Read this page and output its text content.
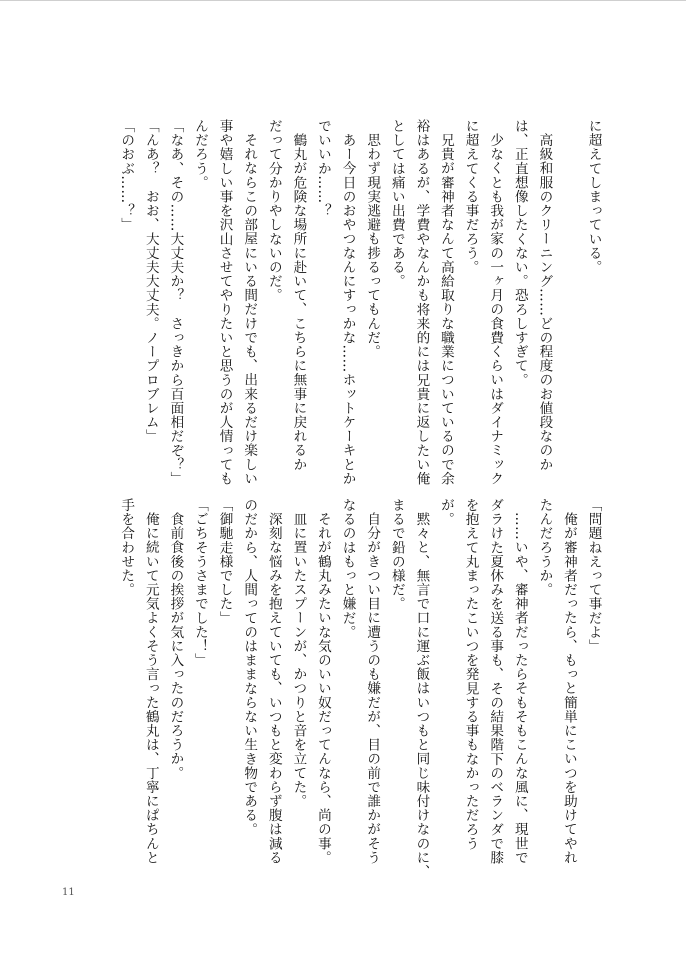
に超えてしまっている。
高級和服のクリーニング……どの程度のお値段なのか
は、正直想像したくない。恐ろしすぎて。
少なくとも我が家の一ヶ月の食費くらいはダイナミック
に超えてくる事だろう。
兄貴が審神者なんて高給取りな職業についているので余
裕はあるが、学費やなんかも将来的には兄貴に返したい俺
としては痛い出費である。
思わず現実逃避も捗るってもんだ。
あー今日のおやつなんにすっかな……ホットケーキとか
でいいか……？
鶴丸が危険な場所に赴いて、こちらに無事に戻れるか
だって分かりやしないのだ。
それならこの部屋にいる間だけでも、出来るだけ楽しい
事や嬉しい事を沢山させてやりたいと思うのが人情っても
んだろう。
「なあ、その……大丈夫か？　さっきから百面相だぞ？」
「んあ？　おお、大丈夫大丈夫。ノープロブレム」
「のおぶ……？」
「問題ねえって事だよ」
俺が審神者だったら、もっと簡単にこいつを助けてやれ
たんだろうか。
……いや、審神者だったらそもそもこんな風に、現世で
ダラけた夏休みを送る事も、その結果階下のベランダで膝
を抱えて丸まったこいつを発見する事もなかっただろう
が。
黙々と、無言で口に運ぶ飯はいつもと同じ味付けなのに、
まるで鉛の様だ。
自分がきつい目に遭うのも嫌だが、目の前で誰かがそう
なるのはもっと嫌だ。
それが鶴丸みたいな気のいい奴だってんなら、尚の事。
皿に置いたスプーンが、かつりと音を立てた。
深刻な悩みを抱えていても、いつもと変わらず腹は減る
のだから、人間ってのはままならない生き物である。
「御馳走様でした」
「ごちそうさまでした！」
食前食後の挨拶が気に入ったのだろうか。
俺に続いて元気よくそう言った鶴丸は、丁寧にぱちんと
手を合わせた。
11
